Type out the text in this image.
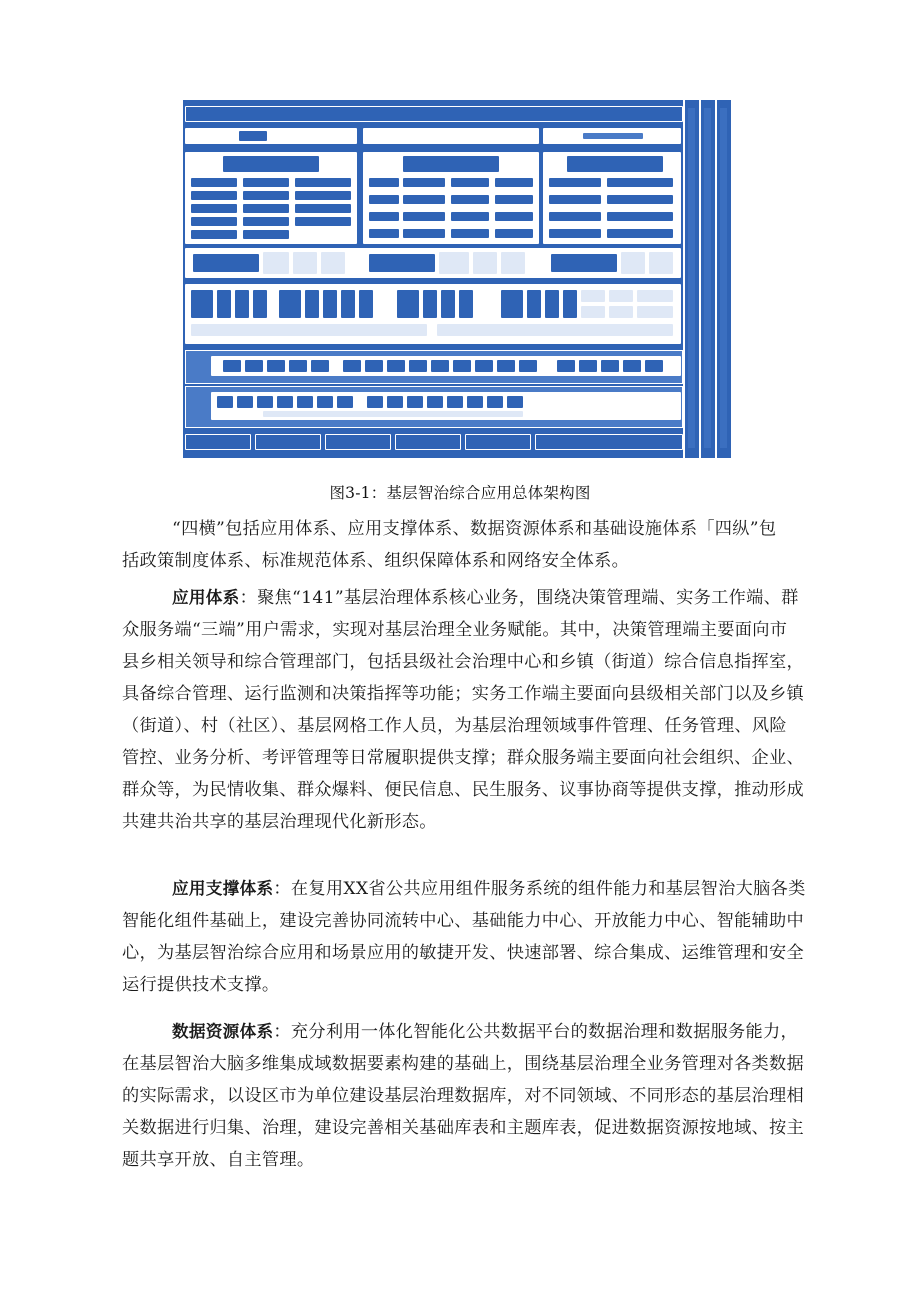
图3-1：基层智治综合应用总体架构图
“四横”包括应用体系、应用支撑体系、数据资源体系和基础设施体系「四纵”包
括政策制度体系、标准规范体系、组织保障体系和网络安全体系。
应用体系：聚焦“141”基层治理体系核心业务，围绕决策管理端、实务工作端、群
众服务端“三端”用户需求，实现对基层治理全业务赋能。其中，决策管理端主要面向市
县乡相关领导和综合管理部门，包括县级社会治理中心和乡镇（街道）综合信息指挥室，
具备综合管理、运行监测和决策指挥等功能；实务工作端主要面向县级相关部门以及乡镇
（街道）、村（社区）、基层网格工作人员，为基层治理领域事件管理、任务管理、风险
管控、业务分析、考评管理等日常履职提供支撑；群众服务端主要面向社会组织、企业、
群众等，为民情收集、群众爆料、便民信息、民生服务、议事协商等提供支撑，推动形成
共建共治共享的基层治理现代化新形态。
应用支撑体系：在复用XX省公共应用组件服务系统的组件能力和基层智治大脑各类
智能化组件基础上，建设完善协同流转中心、基础能力中心、开放能力中心、智能辅助中
心，为基层智治综合应用和场景应用的敏捷开发、快速部署、综合集成、运维管理和安全
运行提供技术支撑。
数据资源体系：充分利用一体化智能化公共数据平台的数据治理和数据服务能力，
在基层智治大脑多维集成域数据要素构建的基础上，围绕基层治理全业务管理对各类数据
的实际需求，以设区市为单位建设基层治理数据库，对不同领域、不同形态的基层治理相
关数据进行归集、治理，建设完善相关基础库表和主题库表，促进数据资源按地域、按主
题共享开放、自主管理。
